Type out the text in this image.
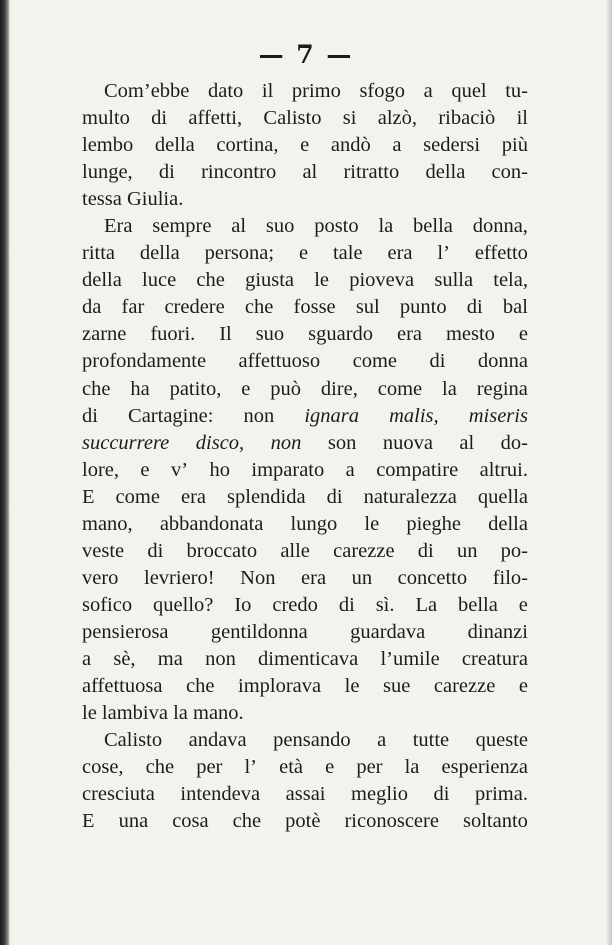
— 7 —
Com’ebbe dato il primo sfogo a quel tu-
multo di affetti, Calisto si alzò, ribaciò il
lembo della cortina, e andò a sedersi più
lunge, di rincontro al ritratto della con-
tessa
Giulia.
Era sempre al suo posto la bella donna,
ritta della persona; e tale era l’ effetto
della luce che giusta le pioveva sulla tela,
da far credere che fosse sul punto di bal
zarne fuori. Il suo sguardo era mesto e
profondamente affettuoso come di donna
che ha patito, e può dire, come la regina
di Cartagine: non ignara malis, miseris
succurrere disco, non son nuova al do-
lore, e v’ ho imparato a compatire altrui.
E come era splendida di naturalezza quella
mano, abbandonata lungo le pieghe della
veste di broccato alle carezze di un po-
vero levriero! Non era un concetto filo-
sofico quello? Io credo di sì. La bella e
pensierosa gentildonna guardava dinanzi
a sè, ma non dimenticava l’umile creatura
affettuosa che implorava le sue carezze e
le
lambiva
la
mano.
Calisto andava pensando a tutte queste
cose, che per l’ età e per la esperienza
cresciuta intendeva assai meglio di prima.
E una cosa che potè riconoscere soltanto
